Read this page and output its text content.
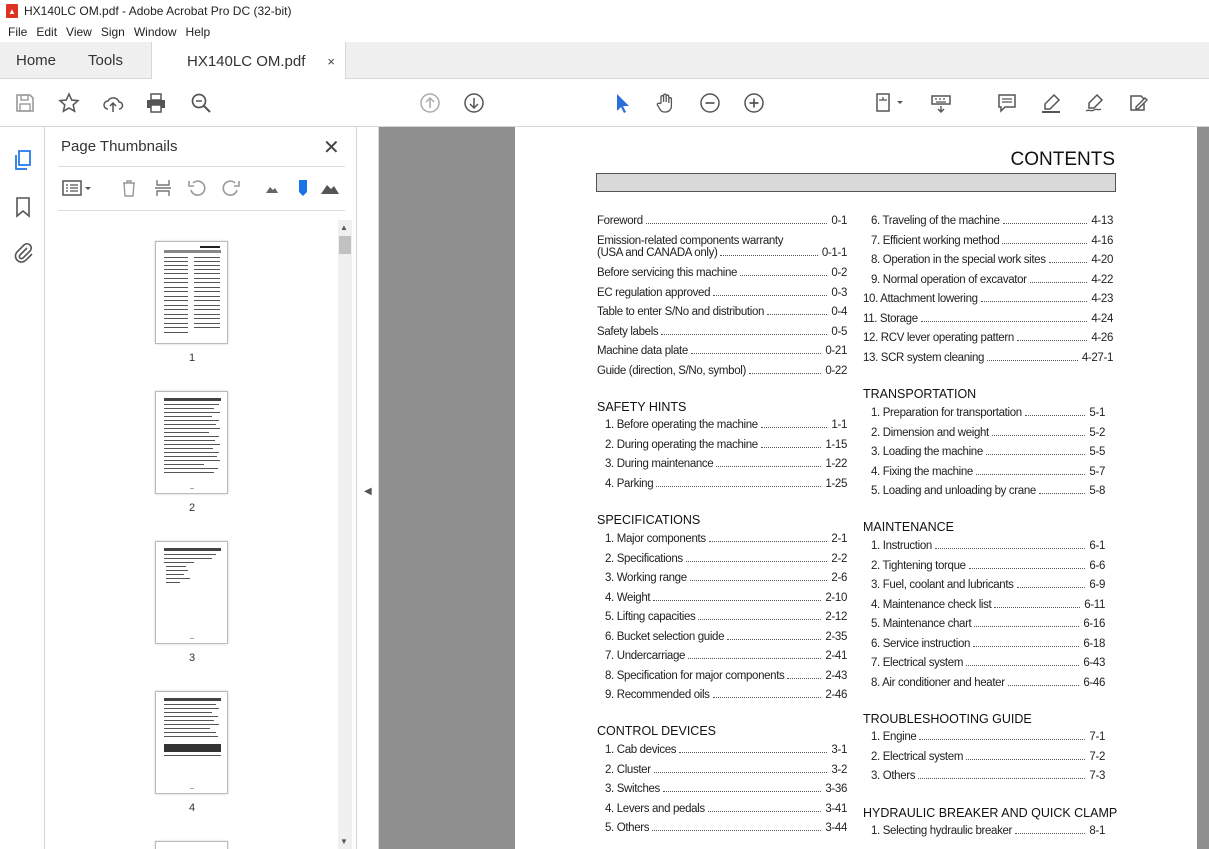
▲ HX140LC OM.pdf - Adobe Acrobat Pro DC (32-bit)
File Edit View Sign Window Help
Home Tools	HX140LC OM.pdf ×
Page Thumbnails	✕
1
2
3
4
▲
▼
◀
CONTENTS
Foreword	0-1
Emission-related components warranty
(USA and CANADA only)	0-1-1
Before servicing this machine	0-2
EC regulation approved	0-3
Table to enter S/No and distribution	0-4
Safety labels	0-5
Machine data plate	0-21
Guide (direction, S/No, symbol)	0-22
SAFETY HINTS
1. Before operating the machine	1-1
2. During operating the machine	1-15
3. During maintenance	1-22
4. Parking	1-25
SPECIFICATIONS
1. Major components	2-1
2. Specifications	2-2
3. Working range	2-6
4. Weight	2-10
5. Lifting capacities	2-12
6. Bucket selection guide	2-35
7. Undercarriage	2-41
8. Specification for major components	2-43
9. Recommended oils	2-46
CONTROL DEVICES
1. Cab devices	3-1
2. Cluster	3-2
3. Switches	3-36
4. Levers and pedals	3-41
5. Others	3-44
6. Traveling of the machine	4-13
7. Efficient working method	4-16
8. Operation in the special work sites	4-20
9. Normal operation of excavator	4-22
10. Attachment lowering	4-23
11. Storage	4-24
12. RCV lever operating pattern	4-26
13. SCR system cleaning	4-27-1
TRANSPORTATION
1. Preparation for transportation	5-1
2. Dimension and weight	5-2
3. Loading the machine	5-5
4. Fixing the machine	5-7
5. Loading and unloading by crane	5-8
MAINTENANCE
1. Instruction	6-1
2. Tightening torque	6-6
3. Fuel, coolant and lubricants	6-9
4. Maintenance check list	6-11
5. Maintenance chart	6-16
6. Service instruction	6-18
7. Electrical system	6-43
8. Air conditioner and heater	6-46
TROUBLESHOOTING GUIDE
1. Engine	7-1
2. Electrical system	7-2
3. Others	7-3
HYDRAULIC BREAKER AND QUICK CLAMP
1. Selecting hydraulic breaker	8-1
